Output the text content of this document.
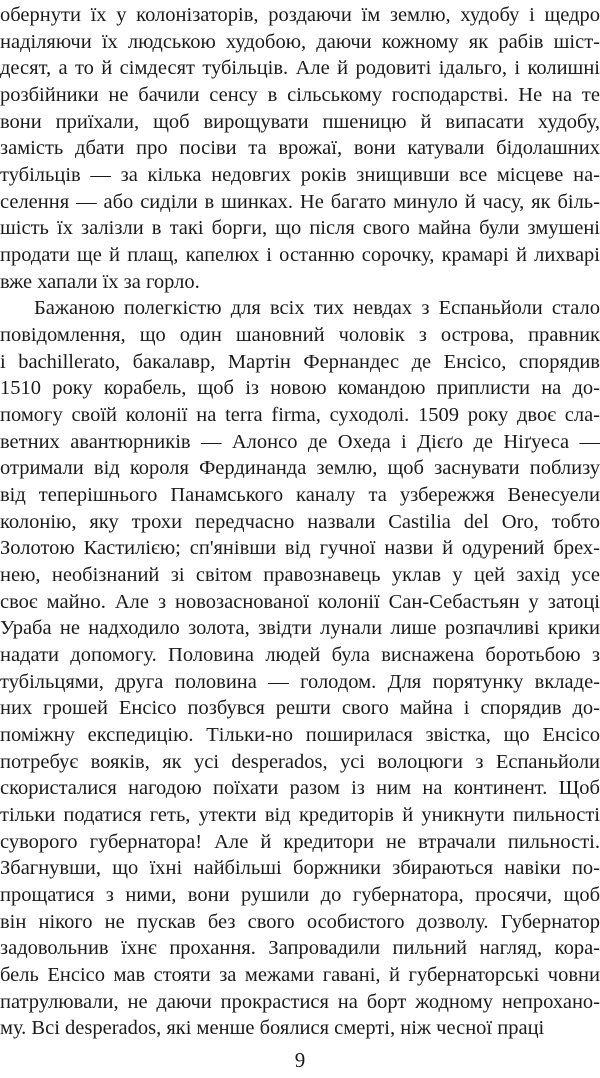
обернути їх у колонізаторів, роздаючи їм землю, худобу і щедро
наділяючи їх людською худобою, даючи кожному як рабів шіст-
десят, а то й сімдесят тубільців. Але й родовиті ідальго, і колишні
розбійники не бачили сенсу в сільському господарстві. Не на те
вони приїхали, щоб вирощувати пшеницю й випасати худобу,
замість дбати про посіви та врожаї, вони катували бідолашних
тубільців — за кілька недовгих років знищивши все місцеве на-
селення — або сиділи в шинках. Не багато минуло й часу, як біль-
шість їх залізли в такі борги, що після свого майна були змушені
продати ще й плащ, капелюх і останню сорочку, крамарі й лихварі
вже хапали їх за горло.
Бажаною полегкістю для всіх тих невдах з Еспаньйоли стало
повідомлення, що один шановний чоловік з острова, правник
і bachillerato, бакалавр, Мартін Фернандес де Енсісо, спорядив
1510 року корабель, щоб із новою командою приплисти на до-
помогу своїй колонії на terra firma, суходолі. 1509 року двоє сла-
ветних авантюрників — Алонсо де Охеда і Дієґо де Ніґуеса —
отримали від короля Фердинанда землю, щоб заснувати поблизу
від теперішнього Панамського каналу та узбережжя Венесуели
колонію, яку трохи передчасно назвали Castilia del Oro, тобто
Золотою Кастилією; сп'янівши від гучної назви й одурений брех-
нею, необізнаний зі світом правознавець уклав у цей захід усе
своє майно. Але з новозаснованої колонії Сан-Себастьян у затоці
Ураба не надходило золота, звідти лунали лише розпачливі крики
надати допомогу. Половина людей була виснажена боротьбою з
тубільцями, друга половина — голодом. Для порятунку вкладе-
них грошей Енсісо позбувся решти свого майна і спорядив до-
поміжну експедицію. Тільки-но поширилася звістка, що Енсісо
потребує вояків, як усі desperados, усі волоцюги з Еспаньйоли
скористалися нагодою поїхати разом із ним на континент. Щоб
тільки податися геть, утекти від кредиторів й уникнути пильності
суворого губернатора! Але й кредитори не втрачали пильності.
Збагнувши, що їхні найбільші боржники збираються навіки по-
прощатися з ними, вони рушили до губернатора, просячи, щоб
він нікого не пускав без свого особистого дозволу. Губернатор
задовольнив їхнє прохання. Запровадили пильний нагляд, кора-
бель Енсісо мав стояти за межами гавані, й губернаторські човни
патрулювали, не даючи прокрастися на борт жодному непрохано-
му. Всі desperados, які менше боялися смерті, ніж чесної праці
9
